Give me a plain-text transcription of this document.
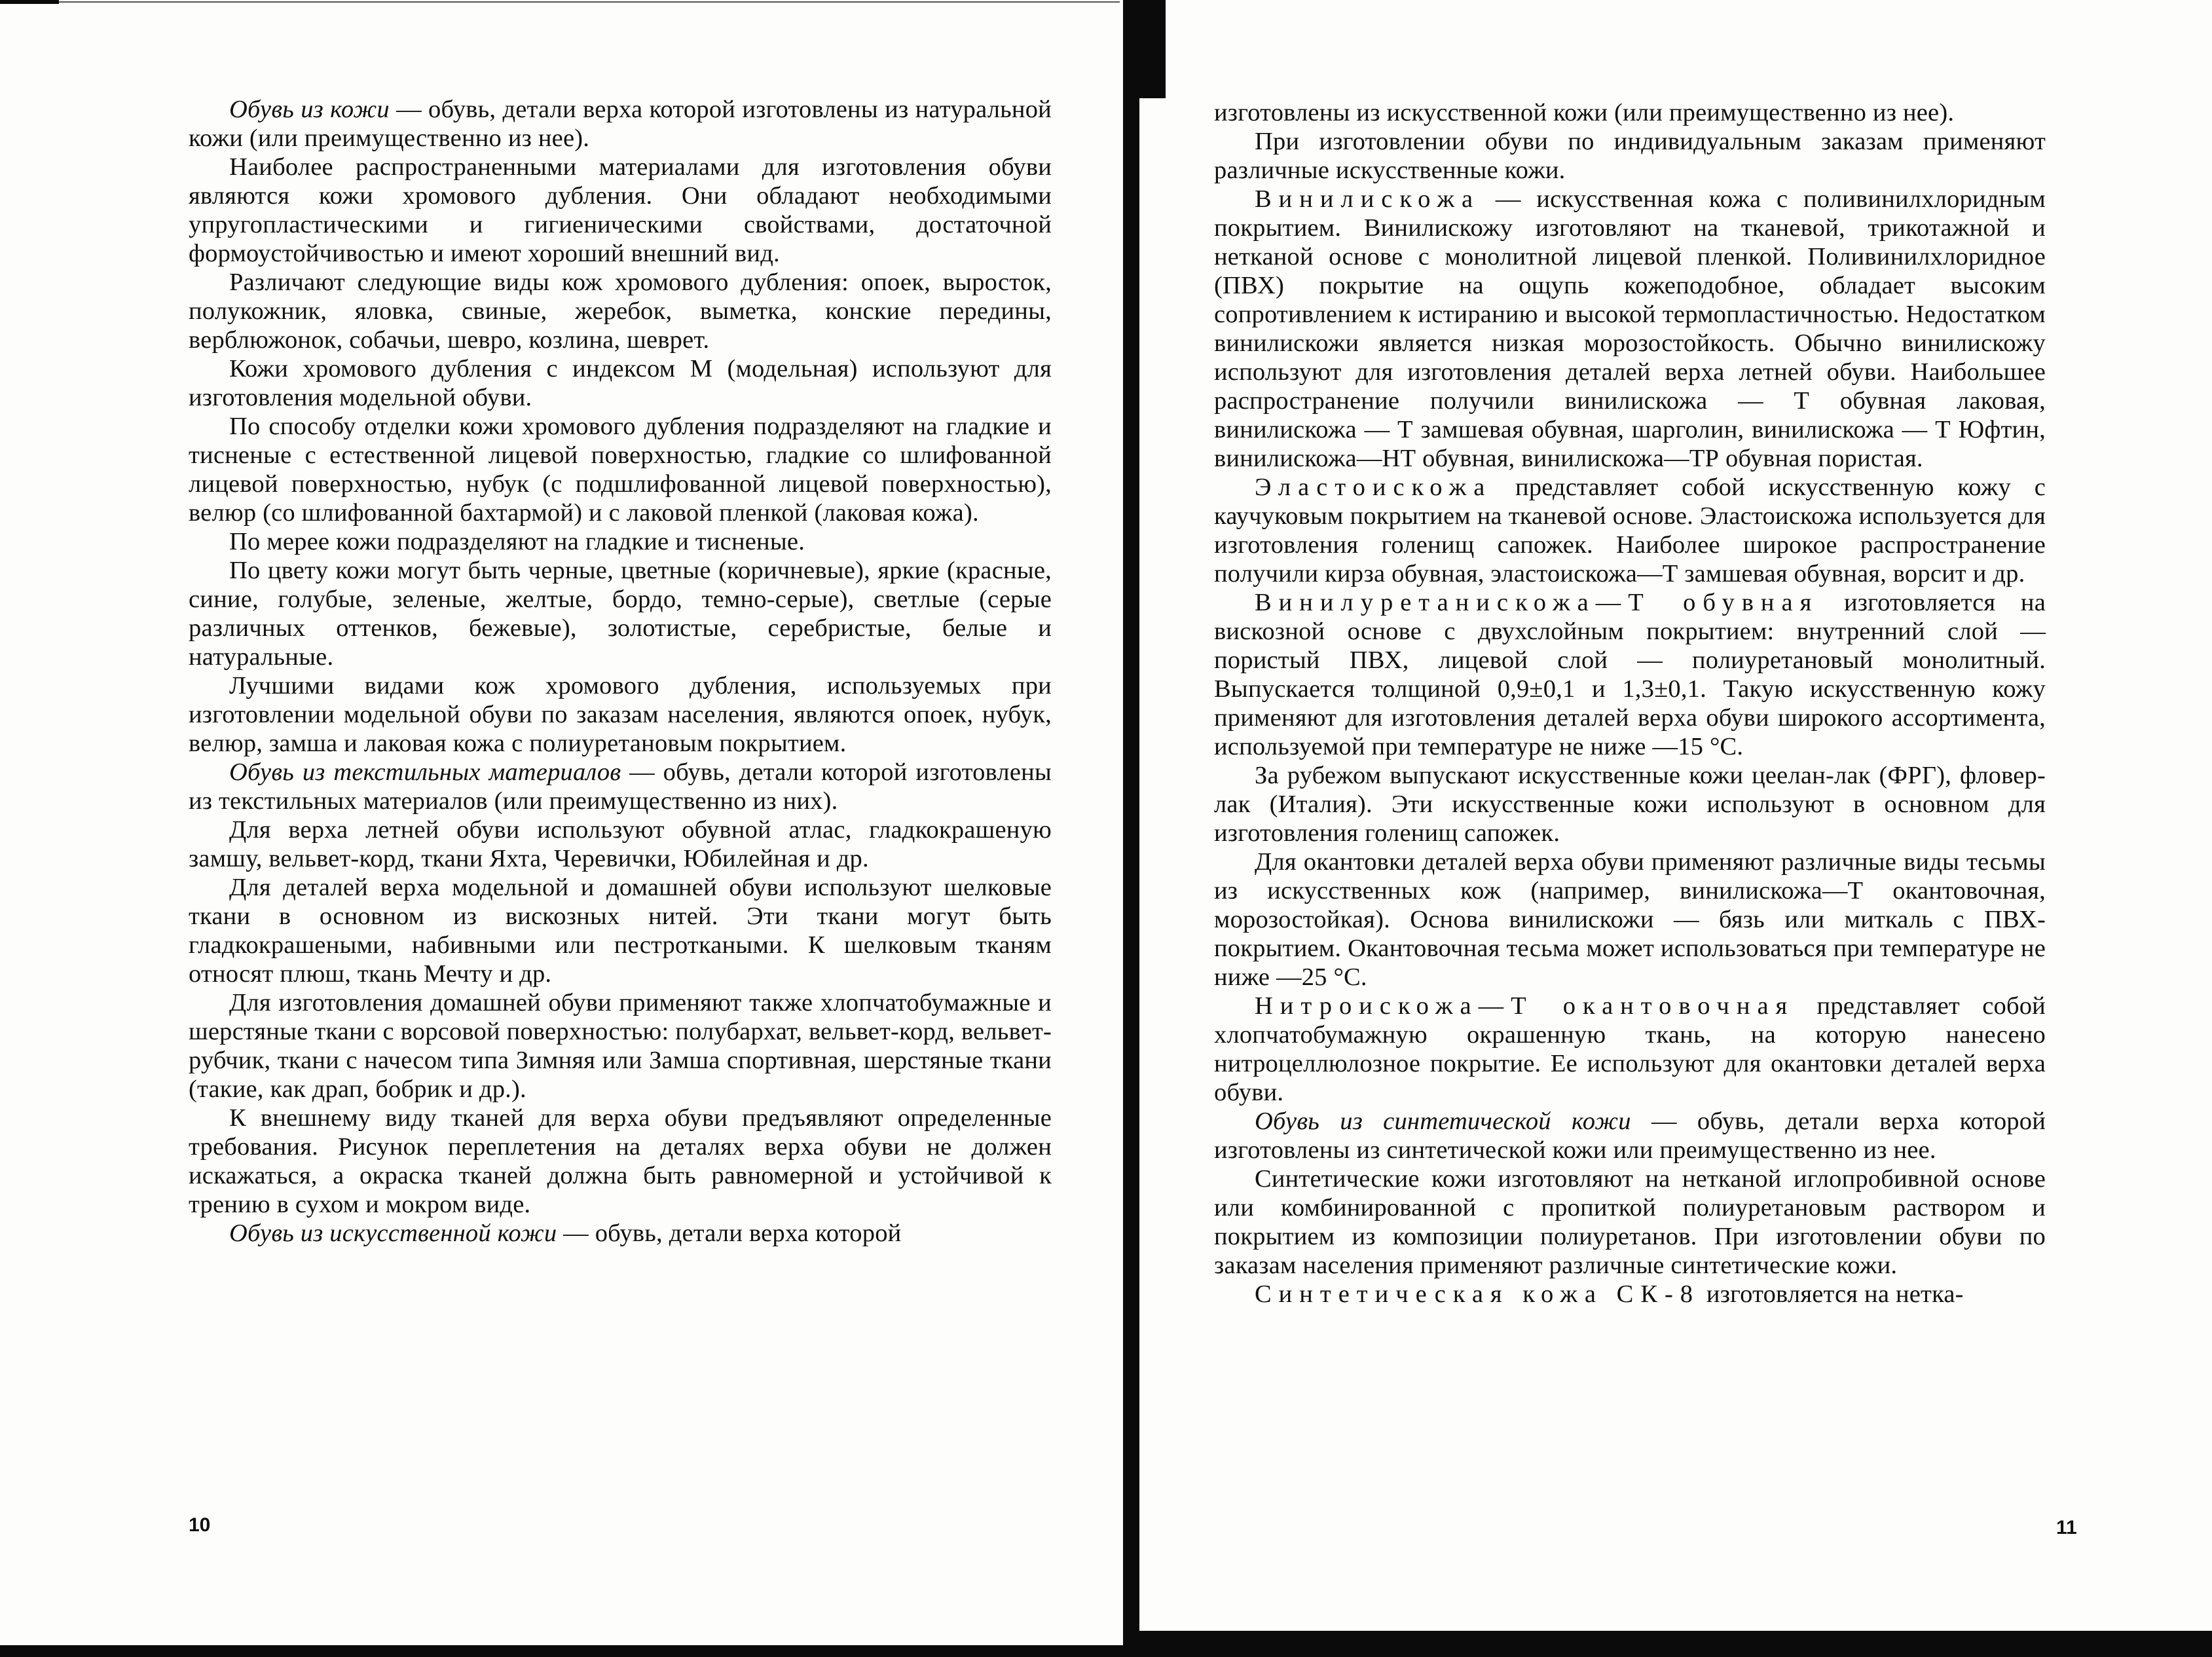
Обувь из кожи — обувь, детали верха которой изготовлены из натуральной кожи (или преимущественно из нее).

Наиболее распространенными материалами для изготовления обуви являются кожи хромового дубления. Они обладают необходимыми упругопластическими и гигиеническими свойствами, достаточной формоустойчивостью и имеют хороший внешний вид.

Различают следующие виды кож хромового дубления: опоек, выросток, полукожник, яловка, свиные, жеребок, выметка, конские передины, верблюжонок, собачьи, шевро, козлина, шеврет.

Кожи хромового дубления с индексом М (модельная) используют для изготовления модельной обуви.

По способу отделки кожи хромового дубления подразделяют на гладкие и тисненые с естественной лицевой поверхностью, гладкие со шлифованной лицевой поверхностью, нубук (с подшлифованной лицевой поверхностью), велюр (со шлифованной бахтармой) и с лаковой пленкой (лаковая кожа).

По мерее кожи подразделяют на гладкие и тисненые.

По цвету кожи могут быть черные, цветные (коричневые), яркие (красные, синие, голубые, зеленые, желтые, бордо, темно-серые), светлые (серые различных оттенков, бежевые), золотистые, серебристые, белые и натуральные.

Лучшими видами кож хромового дубления, используемых при изготовлении модельной обуви по заказам населения, являются опоек, нубук, велюр, замша и лаковая кожа с полиуретановым покрытием.

Обувь из текстильных материалов — обувь, детали которой изготовлены из текстильных материалов (или преимущественно из них).

Для верха летней обуви используют обувной атлас, гладкокрашеную замшу, вельвет-корд, ткани Яхта, Черевички, Юбилейная и др.

Для деталей верха модельной и домашней обуви используют шелковые ткани в основном из вискозных нитей. Эти ткани могут быть гладкокрашеными, набивными или пестроткаными. К шелковым тканям относят плюш, ткань Мечту и др.

Для изготовления домашней обуви применяют также хлопчатобумажные и шерстяные ткани с ворсовой поверхностью: полубархат, вельвет-корд, вельвет-рубчик, ткани с начесом типа Зимняя или Замша спортивная, шерстяные ткани (такие, как драп, бобрик и др.).

К внешнему виду тканей для верха обуви предъявляют определенные требования. Рисунок переплетения на деталях верха обуви не должен искажаться, а окраска тканей должна быть равномерной и устойчивой к трению в сухом и мокром виде.

Обувь из искусственной кожи — обувь, детали верха которой

10

изготовлены из искусственной кожи (или преимущественно из нее).

При изготовлении обуви по индивидуальным заказам применяют различные искусственные кожи.

Винилискожа — искусственная кожа с поливинилхлоридным покрытием. Винилискожу изготовляют на тканевой, трикотажной и нетканой основе с монолитной лицевой пленкой. Поливинилхлоридное (ПВХ) покрытие на ощупь кожеподобное, обладает высоким сопротивлением к истиранию и высокой термопластичностью. Недостатком винилискожи является низкая морозостойкость. Обычно винилискожу используют для изготовления деталей верха летней обуви. Наибольшее распространение получили винилискожа — Т обувная лаковая, винилискожа — Т замшевая обувная, шарголин, винилискожа — Т Юфтин, винилискожа—НТ обувная, винилискожа—ТР обувная пористая.

Эластоискожа представляет собой искусственную кожу с каучуковым покрытием на тканевой основе. Эластоискожа используется для изготовления голенищ сапожек. Наиболее широкое распространение получили кирза обувная, эластоискожа—Т замшевая обувная, ворсит и др.

Винилуретанискожа—Т обувная изготовляется на вискозной основе с двухслойным покрытием: внутренний слой — пористый ПВХ, лицевой слой — полиуретановый монолитный. Выпускается толщиной 0,9±0,1 и 1,3±0,1. Такую искусственную кожу применяют для изготовления деталей верха обуви широкого ассортимента, используемой при температуре не ниже —15 °С.

За рубежом выпускают искусственные кожи цеелан-лак (ФРГ), фловер-лак (Италия). Эти искусственные кожи используют в основном для изготовления голенищ сапожек.

Для окантовки деталей верха обуви применяют различные виды тесьмы из искусственных кож (например, винилискожа—Т окантовочная, морозостойкая). Основа винилискожи — бязь или миткаль с ПВХ-покрытием. Окантовочная тесьма может использоваться при температуре не ниже —25 °С.

Нитроискожа—Т окантовочная представляет собой хлопчатобумажную окрашенную ткань, на которую нанесено нитроцеллюлозное покрытие. Ее используют для окантовки деталей верха обуви.

Обувь из синтетической кожи — обувь, детали верха которой изготовлены из синтетической кожи или преимущественно из нее.

Синтетические кожи изготовляют на нетканой иглопробивной основе или комбинированной с пропиткой полиуретановым раствором и покрытием из композиции полиуретанов. При изготовлении обуви по заказам населения применяют различные синтетические кожи.

Синтетическая кожа СК-8 изготовляется на нетка-

11
